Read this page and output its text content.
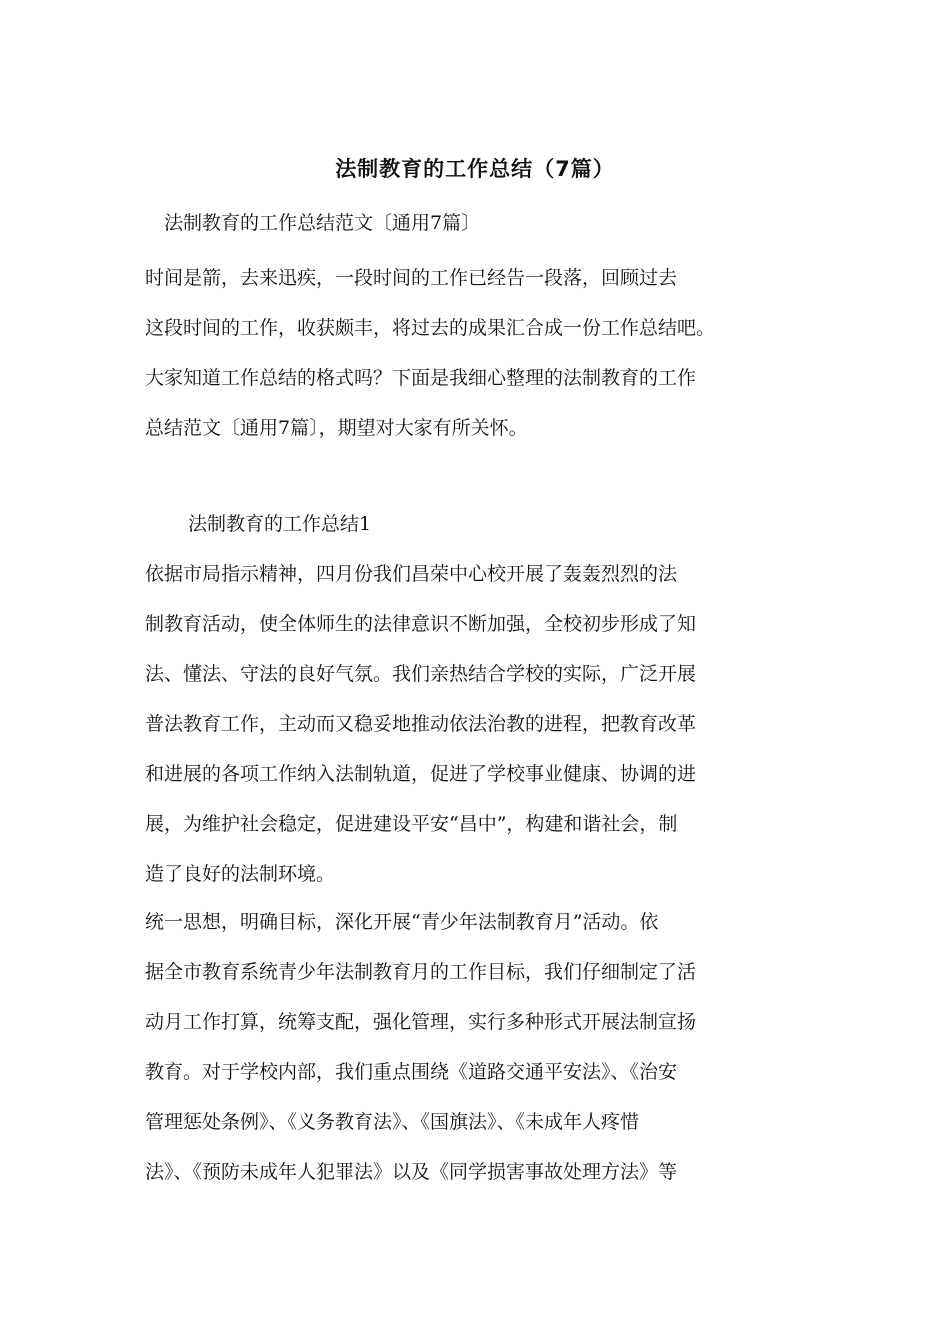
法制教育的工作总结（7篇）

法制教育的工作总结范文〔通用7篇〕

时间是箭，去来迅疾，一段时间的工作已经告一段落，回顾过去
这段时间的工作，收获颇丰，将过去的成果汇合成一份工作总结吧。
大家知道工作总结的格式吗？下面是我细心整理的法制教育的工作
总结范文〔通用7篇〕，期望对大家有所关怀。

法制教育的工作总结1

依据市局指示精神，四月份我们昌荣中心校开展了轰轰烈烈的法
制教育活动，使全体师生的法律意识不断加强，全校初步形成了知
法、懂法、守法的良好气氛。我们亲热结合学校的实际，广泛开展
普法教育工作，主动而又稳妥地推动依法治教的进程，把教育改革
和进展的各项工作纳入法制轨道，促进了学校事业健康、协调的进
展，为维护社会稳定，促进建设平安“昌中”，构建和谐社会，制
造了良好的法制环境。
统一思想，明确目标，深化开展“青少年法制教育月”活动。依
据全市教育系统青少年法制教育月的工作目标，我们仔细制定了活
动月工作打算，统筹支配，强化管理，实行多种形式开展法制宣扬
教育。对于学校内部，我们重点围绕《道路交通平安法》、《治安
管理惩处条例》、《义务教育法》、《国旗法》、《未成年人疼惜
法》、《预防未成年人犯罪法》以及《同学损害事故处理方法》等
